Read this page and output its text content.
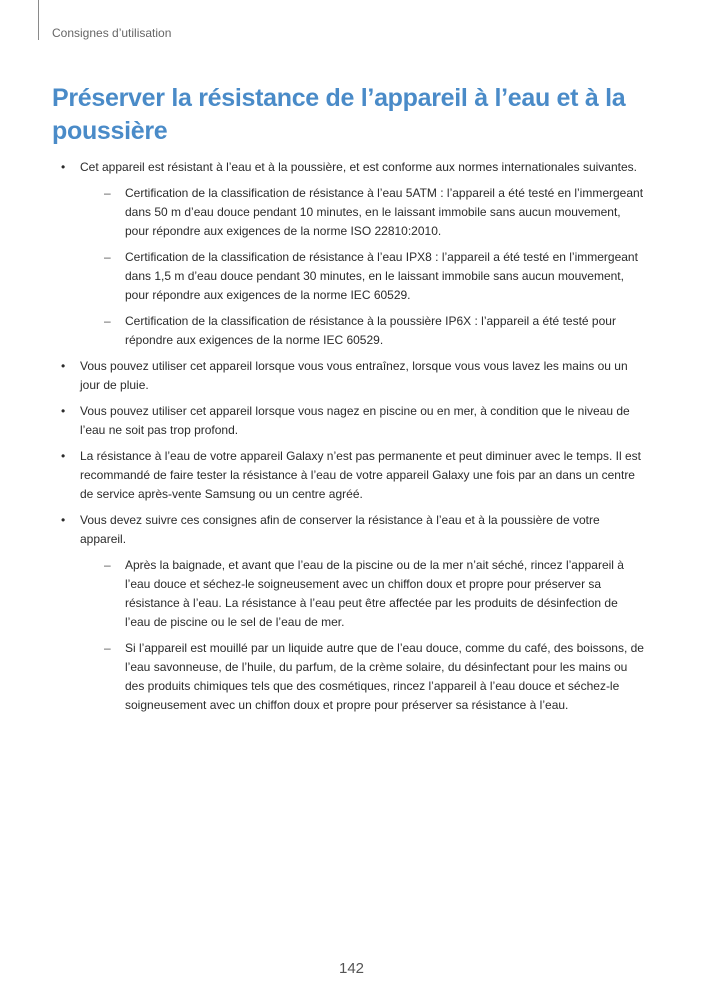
Consignes d’utilisation
Préserver la résistance de l’appareil à l’eau et à la poussière
• Cet appareil est résistant à l’eau et à la poussière, et est conforme aux normes internationales suivantes.
– Certification de la classification de résistance à l’eau 5ATM : l’appareil a été testé en l’immergeant dans 50 m d’eau douce pendant 10 minutes, en le laissant immobile sans aucun mouvement, pour répondre aux exigences de la norme ISO 22810:2010.
– Certification de la classification de résistance à l’eau IPX8 : l’appareil a été testé en l’immergeant dans 1,5 m d’eau douce pendant 30 minutes, en le laissant immobile sans aucun mouvement, pour répondre aux exigences de la norme IEC 60529.
– Certification de la classification de résistance à la poussière IP6X : l’appareil a été testé pour répondre aux exigences de la norme IEC 60529.
• Vous pouvez utiliser cet appareil lorsque vous vous entraînez, lorsque vous vous lavez les mains ou un jour de pluie.
• Vous pouvez utiliser cet appareil lorsque vous nagez en piscine ou en mer, à condition que le niveau de l’eau ne soit pas trop profond.
• La résistance à l’eau de votre appareil Galaxy n’est pas permanente et peut diminuer avec le temps. Il est recommandé de faire tester la résistance à l’eau de votre appareil Galaxy une fois par an dans un centre de service après-vente Samsung ou un centre agréé.
• Vous devez suivre ces consignes afin de conserver la résistance à l’eau et à la poussière de votre appareil.
– Après la baignade, et avant que l’eau de la piscine ou de la mer n’ait séché, rincez l’appareil à l’eau douce et séchez-le soigneusement avec un chiffon doux et propre pour préserver sa résistance à l’eau. La résistance à l’eau peut être affectée par les produits de désinfection de l’eau de piscine ou le sel de l’eau de mer.
– Si l’appareil est mouillé par un liquide autre que de l’eau douce, comme du café, des boissons, de l’eau savonneuse, de l’huile, du parfum, de la crème solaire, du désinfectant pour les mains ou des produits chimiques tels que des cosmétiques, rincez l’appareil à l’eau douce et séchez-le soigneusement avec un chiffon doux et propre pour préserver sa résistance à l’eau.
142
